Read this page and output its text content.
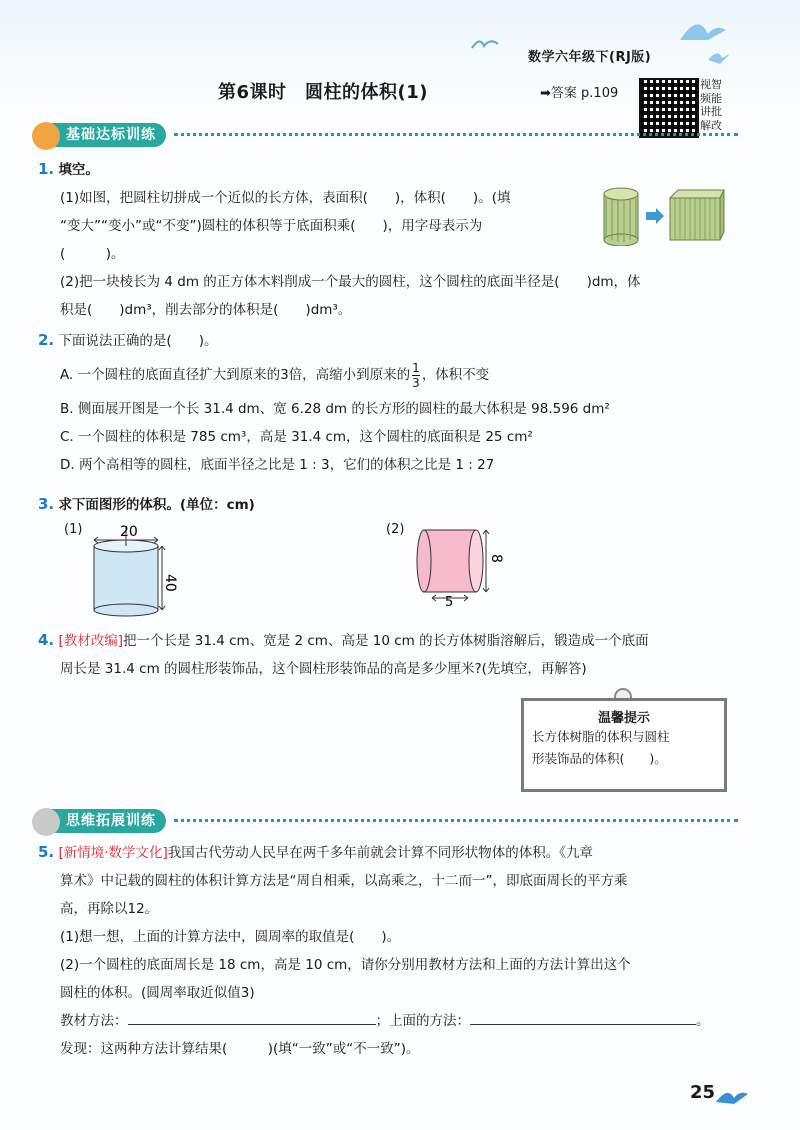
数学六年级下(RJ版)
第6课时　圆柱的体积(1)	➡答案 p.109
视智频能讲批解改
基础达标训练
1. 填空。
(1)如图，把圆柱切拼成一个近似的长方体，表面积(　　)，体积(　　)。(填
“变大”“变小”或“不变”)圆柱的体积等于底面积乘(　　)，用字母表示为
(　　　)。
(2)把一块棱长为 4 dm 的正方体木料削成一个最大的圆柱，这个圆柱的底面半径是(　　)dm，体
积是(　　)dm³，削去部分的体积是(　　)dm³。
2. 下面说法正确的是(　　)。
A. 一个圆柱的底面直径扩大到原来的3倍，高缩小到原来的 $\frac{1}{3}$ ，体积不变
B. 侧面展开图是一个长 31.4 dm、宽 6.28 dm 的长方形的圆柱的最大体积是 98.596 dm²
C. 一个圆柱的体积是 785 cm³，高是 31.4 cm，这个圆柱的底面积是 25 cm²
D. 两个高相等的圆柱，底面半径之比是 1 : 3，它们的体积之比是 1 : 27
3. 求下面图形的体积。(单位：cm)
(1)	20
40
(2)
8
5
4. [教材改编]把一个长是 31.4 cm、宽是 2 cm、高是 10 cm 的长方体树脂溶解后，锻造成一个底面
周长是 31.4 cm 的圆柱形装饰品，这个圆柱形装饰品的高是多少厘米?(先填空，再解答)
温馨提示
长方体树脂的体积与圆柱
形装饰品的体积(　　)。
思维拓展训练
5. [新情境·数学文化]我国古代劳动人民早在两千多年前就会计算不同形状物体的体积。《九章
算术》中记载的圆柱的体积计算方法是“周自相乘，以高乘之，十二而一”，即底面周长的平方乘
高，再除以12。
(1)想一想，上面的计算方法中，圆周率的取值是(　　)。
(2)一个圆柱的底面周长是 18 cm，高是 10 cm，请你分别用教材方法和上面的方法计算出这个
圆柱的体积。(圆周率取近似值3)
教材方法：	；上面的方法：	。
发现：这两种方法计算结果(　　　)(填“一致”或“不一致”)。
25
